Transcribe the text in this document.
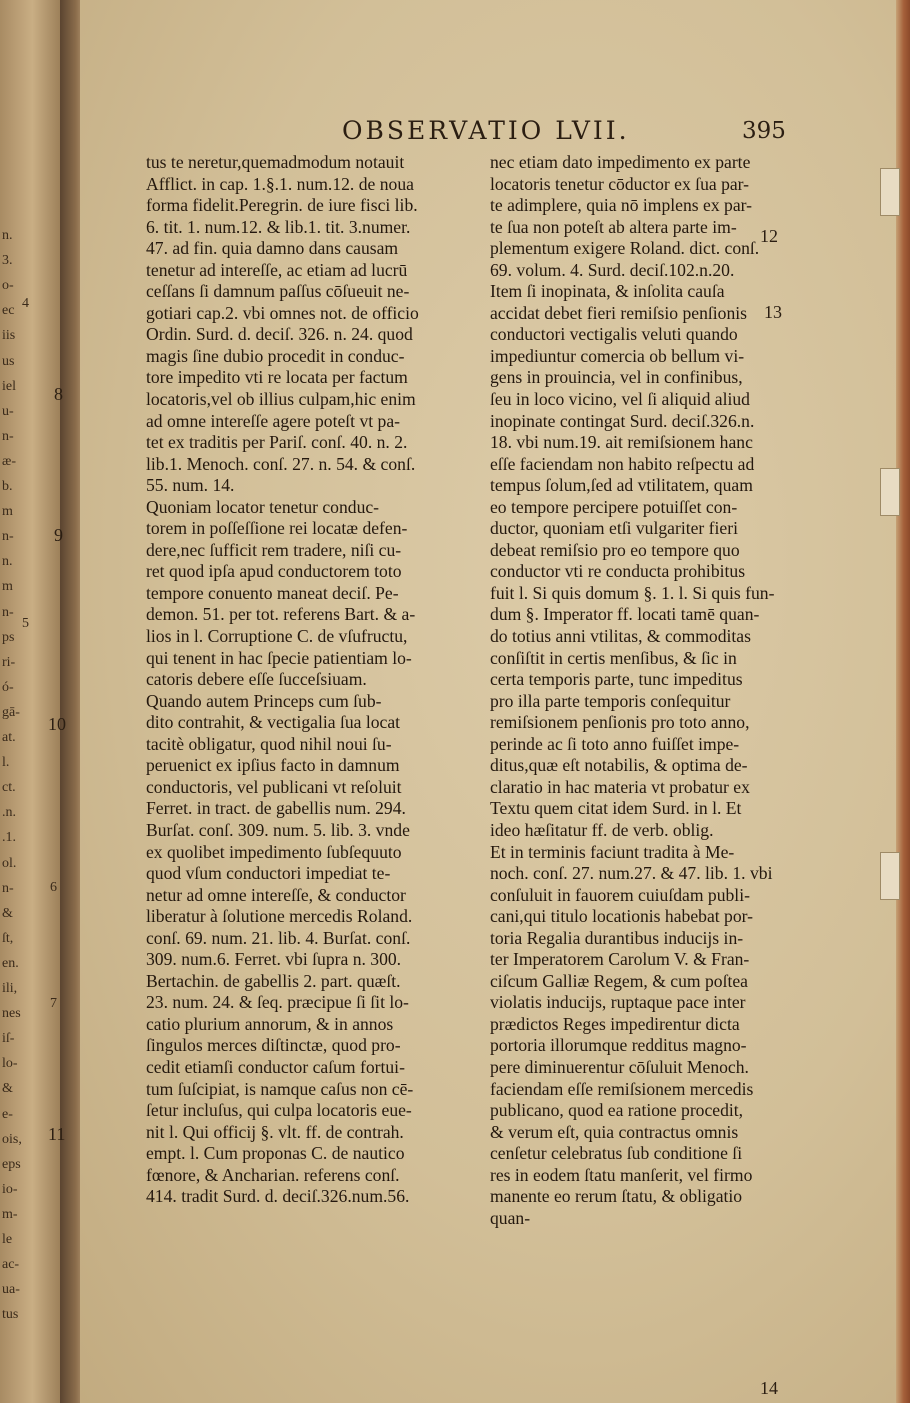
n.
3.
o-
ec
iis
us
iel
u-
n-
æ-
b.
m
n-
n.
m
n-
ps
ri-
ó-
gā-
at.
l.
ct.
.n.
.1.
ol.
n-
&
ſt,
en.
ili,
nes
iſ-
lo-
&
e-
ois,
eps
io-
m-
le
ac-
ua-
tus
4
5
6
7
OBSERVATIO LVII.	395
tus te neretur,quemadmodum notauit
Afflict. in cap. 1.§.1. num.12. de noua
forma fidelit.Peregrin. de iure fisci lib.
6. tit. 1. num.12. & lib.1. tit. 3.numer.
47. ad fin. quia damno dans causam
tenetur ad intereſſe, ac etiam ad lucrū
ceſſans ſi damnum paſſus cōſueuit ne-
gotiari cap.2. vbi omnes not. de officio
Ordin. Surd. d. deciſ. 326. n. 24. quod
magis ſine dubio procedit in conduc-
tore impedito vti re locata per factum
locatoris,vel ob illius culpam,hic enim
ad omne intereſſe agere poteſt vt pa-
tet ex traditis per Pariſ. conſ. 40. n. 2.
lib.1. Menoch. conſ. 27. n. 54. & conſ.
55. num. 14.
Quoniam locator tenetur conduc-
torem in poſſeſſione rei locatæ defen-
dere,nec ſufficit rem tradere, niſi cu-
ret quod ipſa apud conductorem toto
tempore conuento maneat deciſ. Pe-
demon. 51. per tot. referens Bart. & a-
lios in l. Corruptione C. de vſufructu,
qui tenent in hac ſpecie patientiam lo-
catoris debere eſſe ſucceſsiuam.
Quando autem Princeps cum ſub-
dito contrahit, & vectigalia ſua locat
tacitè obligatur, quod nihil noui ſu-
peruenict ex ipſius facto in damnum
conductoris, vel publicani vt reſoluit
Ferret. in tract. de gabellis num. 294.
Burſat. conſ. 309. num. 5. lib. 3. vnde
ex quolibet impedimento ſubſequuto
quod vſum conductori impediat te-
netur ad omne intereſſe, & conductor
liberatur à ſolutione mercedis Roland.
conſ. 69. num. 21. lib. 4. Burſat. conſ.
309. num.6. Ferret. vbi ſupra n. 300.
Bertachin. de gabellis 2. part. quæſt.
23. num. 24. & ſeq. præcipue ſi ſit lo-
catio plurium annorum, & in annos
ſingulos merces diſtinctæ, quod pro-
cedit etiamſi conductor caſum fortui-
tum ſuſcipiat, is namque caſus non cē-
ſetur incluſus, qui culpa locatoris eue-
nit l. Qui officij §. vlt. ff. de contrah.
empt. l. Cum proponas C. de nautico
fœnore, & Ancharian. referens conſ.
414. tradit Surd. d. deciſ.326.num.56.
nec etiam dato impedimento ex parte
locatoris tenetur cōductor ex ſua par-
te adimplere, quia nō implens ex par-
te ſua non poteſt ab altera parte im-
plementum exigere Roland. dict. conſ.
69. volum. 4. Surd. deciſ.102.n.20.
Item ſi inopinata, & inſolita cauſa
accidat debet fieri remiſsio penſionis
conductori vectigalis veluti quando
impediuntur comercia ob bellum vi-
gens in prouincia, vel in confinibus,
ſeu in loco vicino, vel ſi aliquid aliud
inopinate contingat Surd. deciſ.326.n.
18. vbi num.19. ait remiſsionem hanc
eſſe faciendam non habito reſpectu ad
tempus ſolum,ſed ad vtilitatem, quam
eo tempore percipere potuiſſet con-
ductor, quoniam etſi vulgariter fieri
debeat remiſsio pro eo tempore quo
conductor vti re conducta prohibitus
fuit l. Si quis domum §. 1. l. Si quis fun-
dum §. Imperator ff. locati tamē quan-
do totius anni vtilitas, & commoditas
conſiſtit in certis menſibus, & ſic in
certa temporis parte, tunc impeditus
pro illa parte temporis conſequitur
remiſsionem penſionis pro toto anno,
perinde ac ſi toto anno fuiſſet impe-
ditus,quæ eſt notabilis, & optima de-
claratio in hac materia vt probatur ex
Textu quem citat idem Surd. in l. Et
ideo hæſitatur ff. de verb. oblig.
Et in terminis faciunt tradita à Me-
noch. conſ. 27. num.27. & 47. lib. 1. vbi
conſuluit in fauorem cuiuſdam publi-
cani,qui titulo locationis habebat por-
toria Regalia durantibus inducijs in-
ter Imperatorem Carolum V. & Fran-
ciſcum Galliæ Regem, & cum poſtea
violatis inducijs, ruptaque pace inter
prædictos Reges impedirentur dicta
portoria illorumque redditus magno-
pere diminuerentur cōſuluit Menoch.
faciendam eſſe remiſsionem mercedis
publicano, quod ea ratione procedit,
& verum eſt, quia contractus omnis
cenſetur celebratus ſub conditione ſi
res in eodem ſtatu manſerit, vel firmo
manente eo rerum ſtatu, & obligatio
quan-
8
9
10
11
12
13
14
